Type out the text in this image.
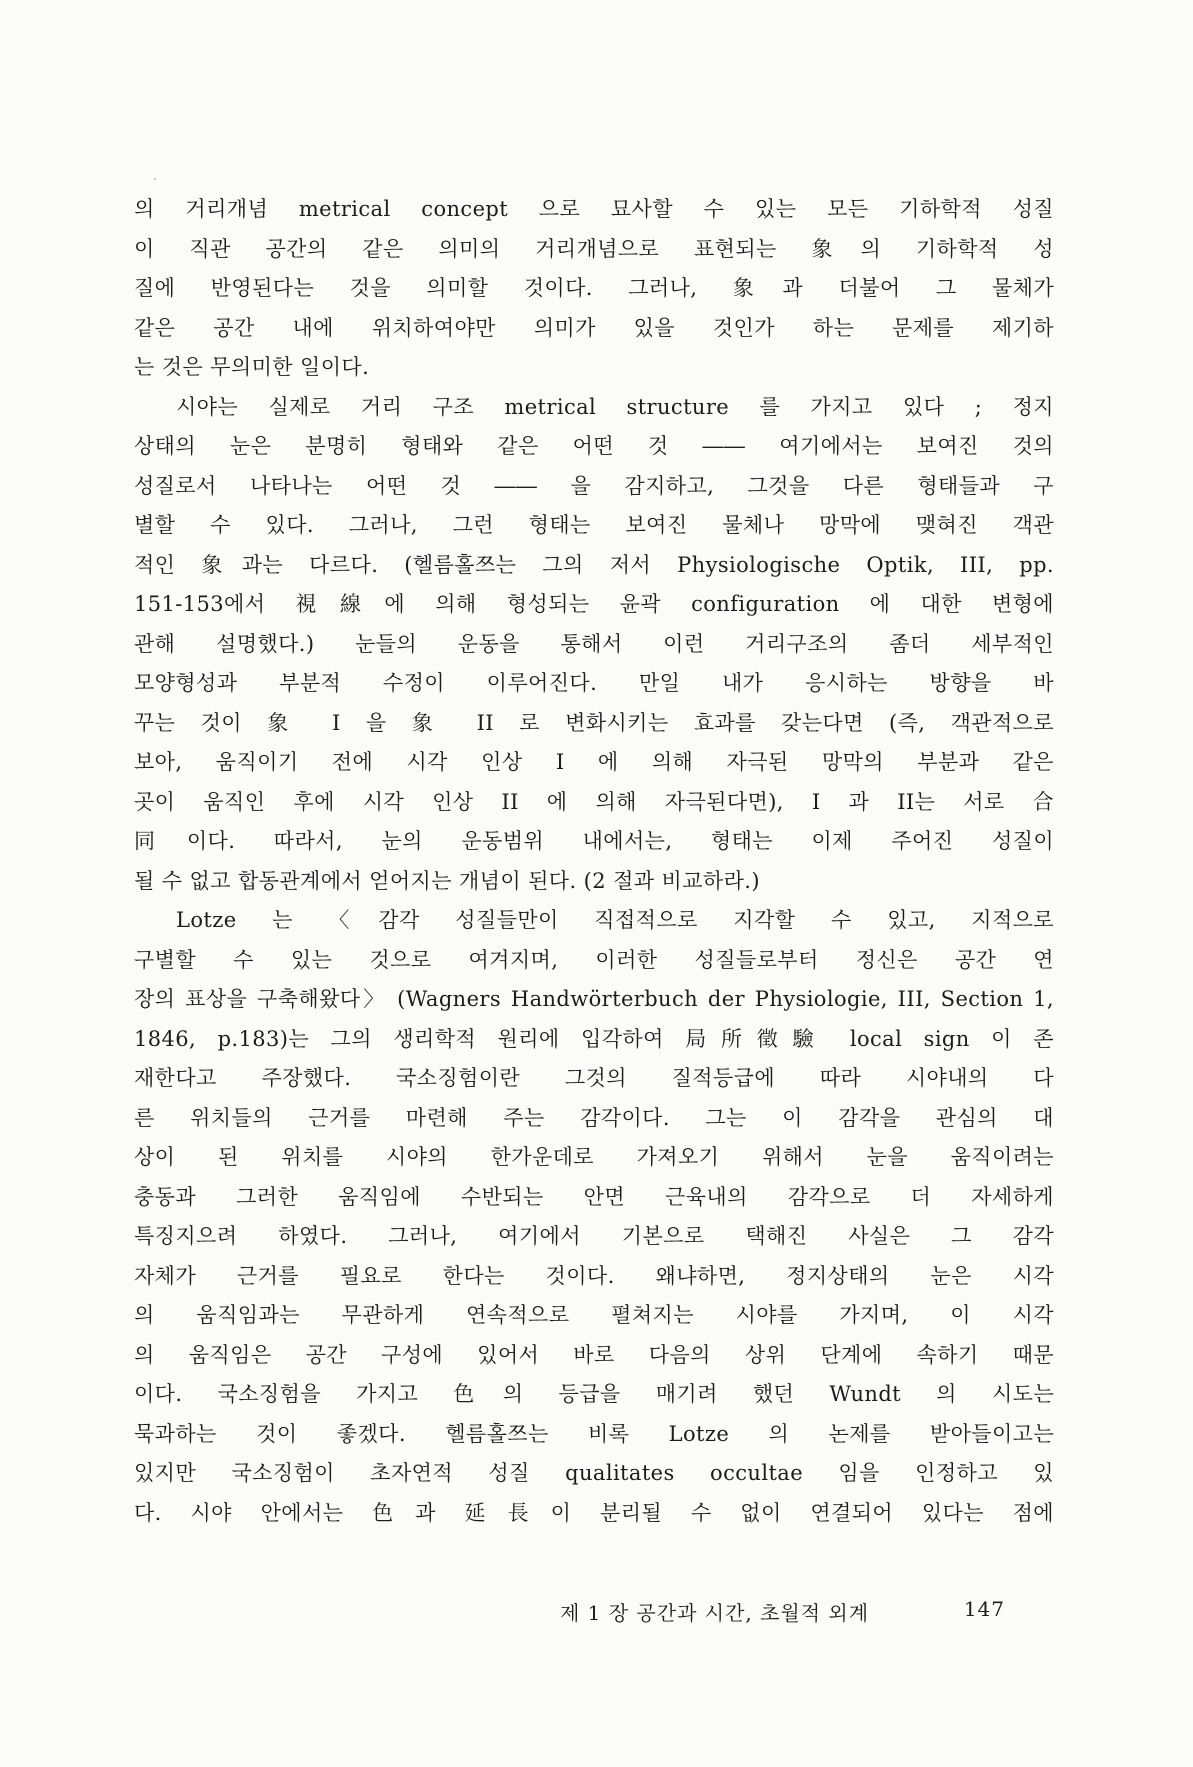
의 거리개념 metrical concept 으로 묘사할 수 있는 모든 기하학적 성질
이 직관 공간의 같은 의미의 거리개념으로 표현되는 象의 기하학적 성
질에 반영된다는 것을 의미할 것이다. 그러나, 象과 더불어 그 물체가
같은 공간 내에 위치하여야만 의미가 있을 것인가 하는 문제를 제기하
는 것은 무의미한 일이다.
시야는 실제로 거리 구조 metrical structure 를 가지고 있다 ; 정지
상태의 눈은 분명히 형태와 같은 어떤 것 ―― 여기에서는 보여진 것의
성질로서 나타나는 어떤 것 ―― 을 감지하고, 그것을 다른 형태들과 구
별할 수 있다. 그러나, 그런 형태는 보여진 물체나 망막에 맺혀진 객관
적인 象과는 다르다. (헬름홀쯔는 그의 저서 Physiologische Optik, III, pp.
151-153에서 視線에 의해 형성되는 윤곽 configuration 에 대한 변형에
관해 설명했다.) 눈들의 운동을 통해서 이런 거리구조의 좀더 세부적인
모양형성과 부분적 수정이 이루어진다. 만일 내가 응시하는 방향을 바
꾸는 것이 象 I 을 象 II 로 변화시키는 효과를 갖는다면 (즉, 객관적으로
보아, 움직이기 전에 시각 인상 I 에 의해 자극된 망막의 부분과 같은
곳이 움직인 후에 시각 인상 II 에 의해 자극된다면), I 과 II는 서로 合
同이다. 따라서, 눈의 운동범위 내에서는, 형태는 이제 주어진 성질이
될 수 없고 합동관계에서 얻어지는 개념이 된다. (2 절과 비교하라.)
Lotze 는 〈감각 성질들만이 직접적으로 지각할 수 있고, 지적으로
구별할 수 있는 것으로 여겨지며, 이러한 성질들로부터 정신은 공간 연
장의 표상을 구축해왔다〉 (Wagners Handwörterbuch der Physiologie, III, Section 1,
1846, p.183)는 그의 생리학적 원리에 입각하여 局所徵驗 local sign 이 존
재한다고 주장했다. 국소징험이란 그것의 질적등급에 따라 시야내의 다
른 위치들의 근거를 마련해 주는 감각이다. 그는 이 감각을 관심의 대
상이 된 위치를 시야의 한가운데로 가져오기 위해서 눈을 움직이려는
충동과 그러한 움직임에 수반되는 안면 근육내의 감각으로 더 자세하게
특징지으려 하였다. 그러나, 여기에서 기본으로 택해진 사실은 그 감각
자체가 근거를 필요로 한다는 것이다. 왜냐하면, 정지상태의 눈은 시각
의 움직임과는 무관하게 연속적으로 펼쳐지는 시야를 가지며, 이 시각
의 움직임은 공간 구성에 있어서 바로 다음의 상위 단계에 속하기 때문
이다. 국소징험을 가지고 色의 등급을 매기려 했던 Wundt 의 시도는
묵과하는 것이 좋겠다. 헬름홀쯔는 비록 Lotze 의 논제를 받아들이고는
있지만 국소징험이 초자연적 성질 qualitates occultae 임을 인정하고 있
다. 시야 안에서는 色과 延長이 분리될 수 없이 연결되어 있다는 점에
제 1 장 공간과 시간, 초월적 외계	147
